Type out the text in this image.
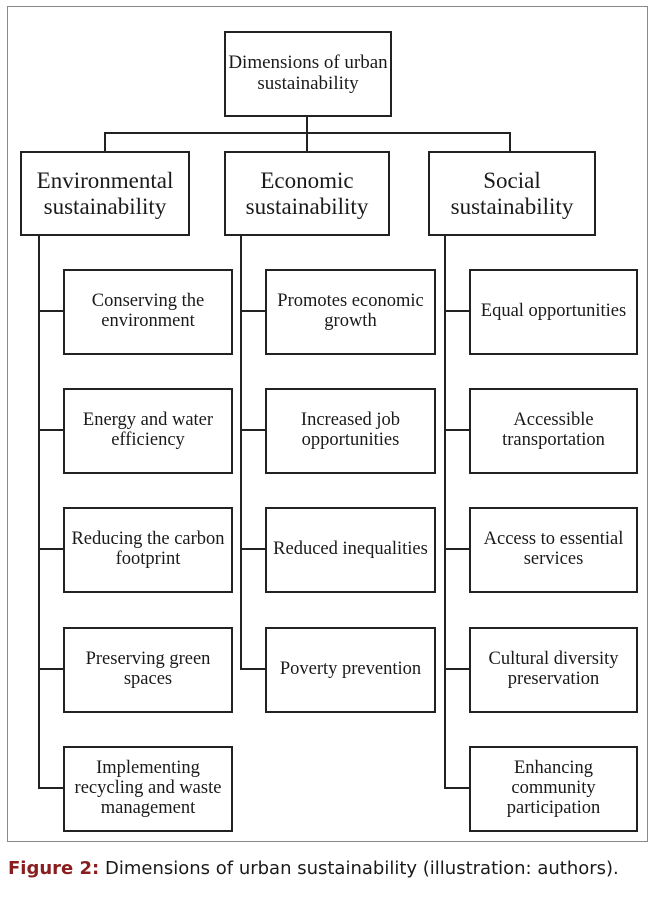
Dimensions of urban sustainability
Environmental sustainability
Economic sustainability
Social sustainability
Conserving the environment
Energy and water efficiency
Reducing the carbon footprint
Preserving green spaces
Implementing recycling and waste management
Promotes economic growth
Increased job opportunities
Reduced inequalities
Poverty prevention
Equal opportunities
Accessible transportation
Access to essential services
Cultural diversity preservation
Enhancing community participation
Figure 2: Dimensions of urban sustainability (illustration: authors).
